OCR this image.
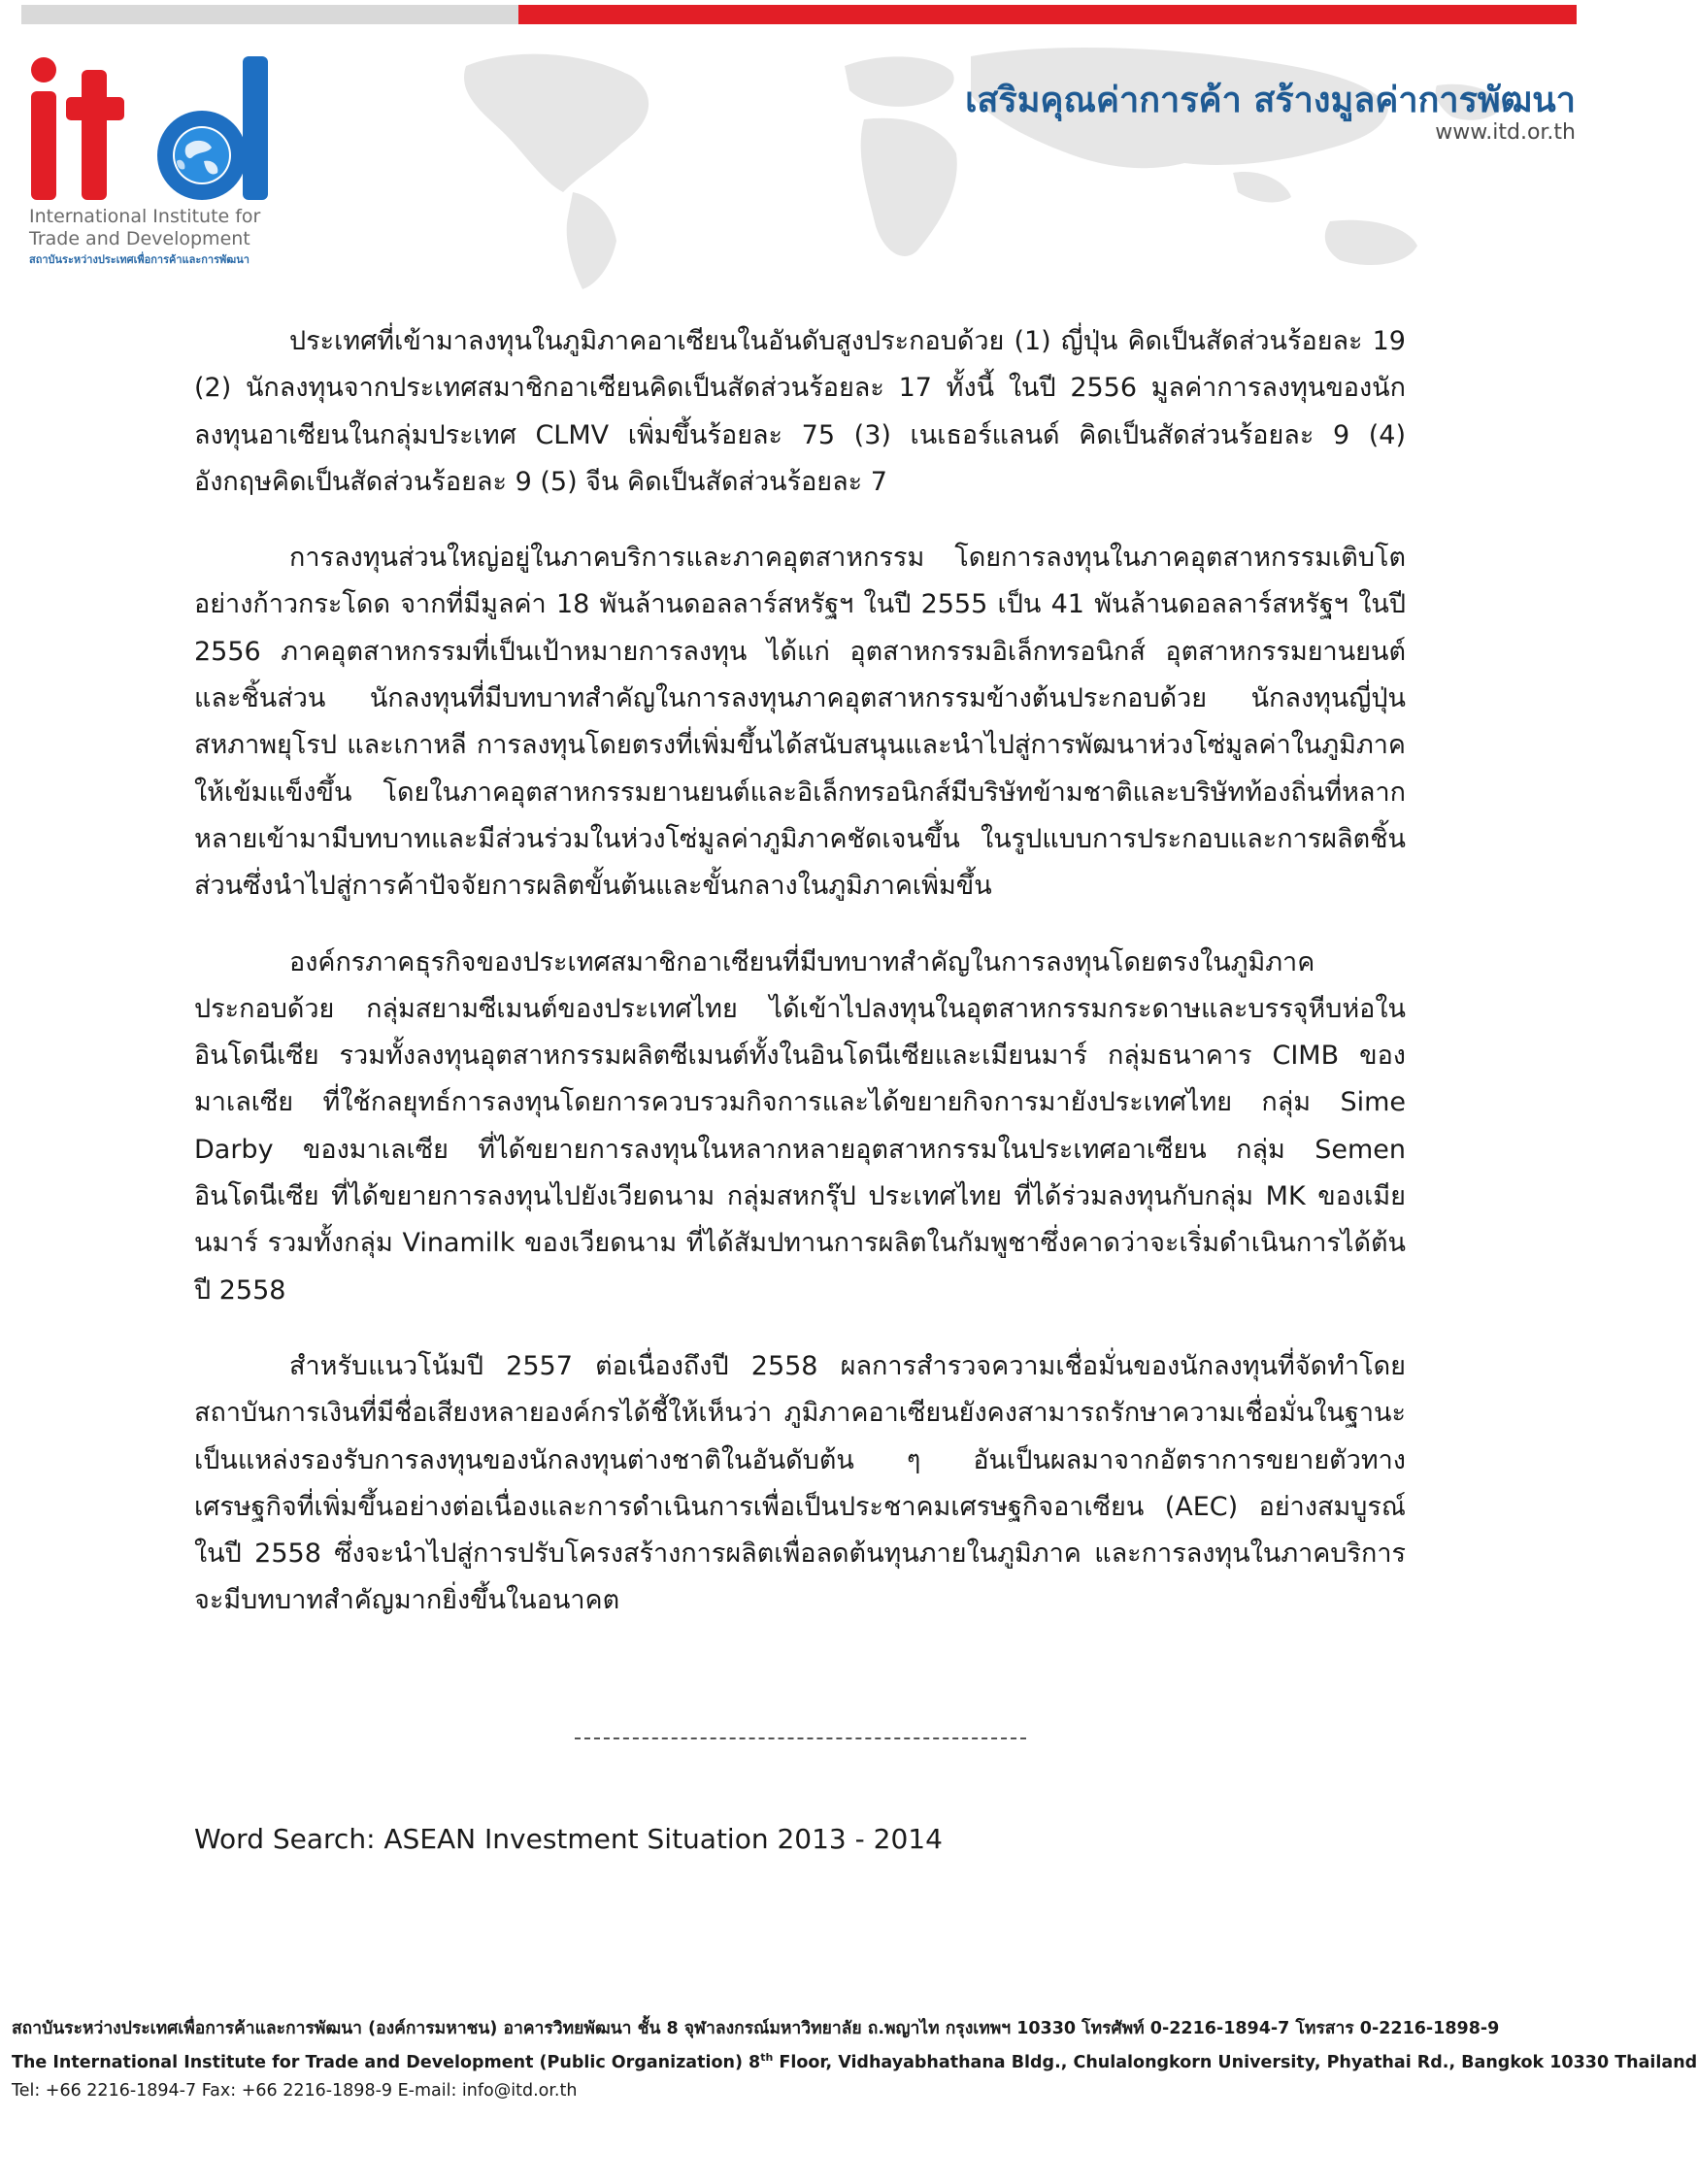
International Institute for
Trade and Development
สถาบันระหว่างประเทศเพื่อการค้าและการพัฒนา
เสริมคุณค่าการค้า สร้างมูลค่าการพัฒนา
www.itd.or.th

ประเทศที่เข้ามาลงทุนในภูมิภาคอาเซียนในอันดับสูงประกอบด้วย (1) ญี่ปุ่น คิดเป็นสัดส่วนร้อยละ 19 (2) นักลงทุนจากประเทศสมาชิกอาเซียนคิดเป็นสัดส่วนร้อยละ 17 ทั้งนี้ ในปี 2556 มูลค่าการลงทุนของนักลงทุนอาเซียนในกลุ่มประเทศ CLMV เพิ่มขึ้นร้อยละ 75 (3) เนเธอร์แลนด์ คิดเป็นสัดส่วนร้อยละ 9 (4) อังกฤษคิดเป็นสัดส่วนร้อยละ 9 (5) จีน คิดเป็นสัดส่วนร้อยละ 7

การลงทุนส่วนใหญ่อยู่ในภาคบริการและภาคอุตสาหกรรม โดยการลงทุนในภาคอุตสาหกรรมเติบโตอย่างก้าวกระโดด จากที่มีมูลค่า 18 พันล้านดอลลาร์สหรัฐฯ ในปี 2555 เป็น 41 พันล้านดอลลาร์สหรัฐฯ ในปี 2556 ภาคอุตสาหกรรมที่เป็นเป้าหมายการลงทุน ได้แก่ อุตสาหกรรมอิเล็กทรอนิกส์ อุตสาหกรรมยานยนต์และชิ้นส่วน นักลงทุนที่มีบทบาทสำคัญในการลงทุนภาคอุตสาหกรรมข้างต้นประกอบด้วย นักลงทุนญี่ปุ่น สหภาพยุโรป และเกาหลี การลงทุนโดยตรงที่เพิ่มขึ้นได้สนับสนุนและนำไปสู่การพัฒนาห่วงโซ่มูลค่าในภูมิภาคให้เข้มแข็งขึ้น โดยในภาคอุตสาหกรรมยานยนต์และอิเล็กทรอนิกส์มีบริษัทข้ามชาติและบริษัทท้องถิ่นที่หลากหลายเข้ามามีบทบาทและมีส่วนร่วมในห่วงโซ่มูลค่าภูมิภาคชัดเจนขึ้น ในรูปแบบการประกอบและการผลิตชิ้นส่วนซึ่งนำไปสู่การค้าปัจจัยการผลิตขั้นต้นและขั้นกลางในภูมิภาคเพิ่มขึ้น

องค์กรภาคธุรกิจของประเทศสมาชิกอาเซียนที่มีบทบาทสำคัญในการลงทุนโดยตรงในภูมิภาคประกอบด้วย กลุ่มสยามซีเมนต์ของประเทศไทย ได้เข้าไปลงทุนในอุตสาหกรรมกระดาษและบรรจุหีบห่อในอินโดนีเซีย รวมทั้งลงทุนอุตสาหกรรมผลิตซีเมนต์ทั้งในอินโดนีเซียและเมียนมาร์ กลุ่มธนาคาร CIMB ของมาเลเซีย ที่ใช้กลยุทธ์การลงทุนโดยการควบรวมกิจการและได้ขยายกิจการมายังประเทศไทย กลุ่ม Sime Darby ของมาเลเซีย ที่ได้ขยายการลงทุนในหลากหลายอุตสาหกรรมในประเทศอาเซียน กลุ่ม Semen อินโดนีเซีย ที่ได้ขยายการลงทุนไปยังเวียดนาม กลุ่มสหกรุ๊ป ประเทศไทย ที่ได้ร่วมลงทุนกับกลุ่ม MK ของเมียนมาร์ รวมทั้งกลุ่ม Vinamilk ของเวียดนาม ที่ได้สัมปทานการผลิตในกัมพูชาซึ่งคาดว่าจะเริ่มดำเนินการได้ต้นปี 2558

สำหรับแนวโน้มปี 2557 ต่อเนื่องถึงปี 2558 ผลการสำรวจความเชื่อมั่นของนักลงทุนที่จัดทำโดยสถาบันการเงินที่มีชื่อเสียงหลายองค์กรได้ชี้ให้เห็นว่า ภูมิภาคอาเซียนยังคงสามารถรักษาความเชื่อมั่นในฐานะเป็นแหล่งรองรับการลงทุนของนักลงทุนต่างชาติในอันดับต้น ๆ อันเป็นผลมาจากอัตราการขยายตัวทางเศรษฐกิจที่เพิ่มขึ้นอย่างต่อเนื่องและการดำเนินการเพื่อเป็นประชาคมเศรษฐกิจอาเซียน (AEC) อย่างสมบูรณ์ในปี 2558 ซึ่งจะนำไปสู่การปรับโครงสร้างการผลิตเพื่อลดต้นทุนภายในภูมิภาค และการลงทุนในภาคบริการจะมีบทบาทสำคัญมากยิ่งขึ้นในอนาคต

Word Search: ASEAN Investment Situation 2013 - 2014
สถาบันระหว่างประเทศเพื่อการค้าและการพัฒนา (องค์การมหาชน) อาคารวิทยพัฒนา ชั้น 8 จุฬาลงกรณ์มหาวิทยาลัย ถ.พญาไท กรุงเทพฯ 10330 โทรศัพท์ 0-2216-1894-7 โทรสาร 0-2216-1898-9
The International Institute for Trade and Development (Public Organization) 8th Floor, Vidhayabhathana Bldg., Chulalongkorn University, Phyathai Rd., Bangkok 10330 Thailand
Tel: +66 2216-1894-7 Fax: +66 2216-1898-9 E-mail: info@itd.or.th
